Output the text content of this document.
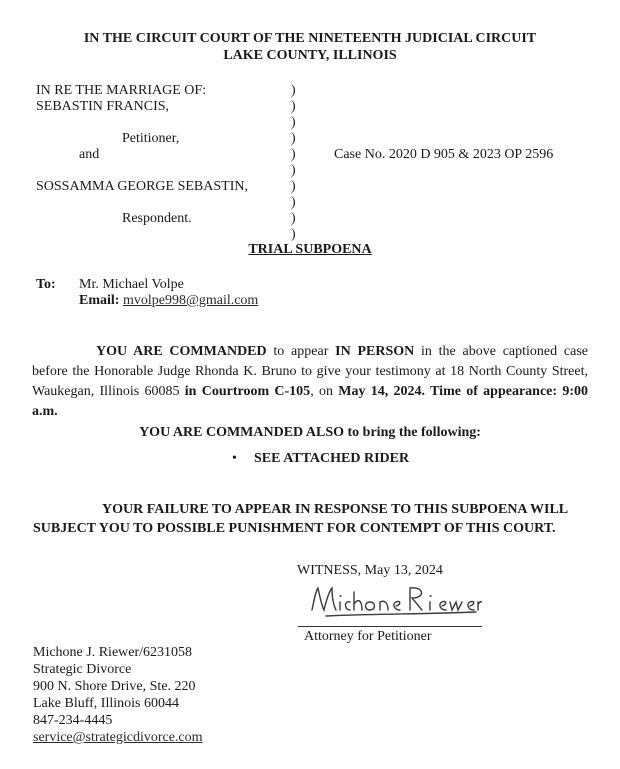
IN THE CIRCUIT COURT OF THE NINETEENTH JUDICIAL CIRCUIT
LAKE COUNTY, ILLINOIS
IN RE THE MARRIAGE OF:
SEBASTIN FRANCIS,
Petitioner,
and
SOSSAMMA GEORGE SEBASTIN,
Respondent.
)
)
)
)
)
)
)
)
)
)
Case No. 2020 D 905 & 2023 OP 2596
TRIAL SUBPOENA
To: Mr. Michael Volpe
Email: mvolpe998@gmail.com
YOU ARE COMMANDED to appear IN PERSON in the above captioned case before the Honorable Judge Rhonda K. Bruno to give your testimony at 18 North County Street, Waukegan, Illinois 60085 in Courtroom C-105, on May 14, 2024. Time of appearance: 9:00 a.m.
YOU ARE COMMANDED ALSO to bring the following:
• SEE ATTACHED RIDER
YOUR FAILURE TO APPEAR IN RESPONSE TO THIS SUBPOENA WILL
SUBJECT YOU TO POSSIBLE PUNISHMENT FOR CONTEMPT OF THIS COURT.
WITNESS, May 13, 2024
Attorney for Petitioner
Michone J. Riewer/6231058
Strategic Divorce
900 N. Shore Drive, Ste. 220
Lake Bluff, Illinois 60044
847-234-4445
service@strategicdivorce.com
